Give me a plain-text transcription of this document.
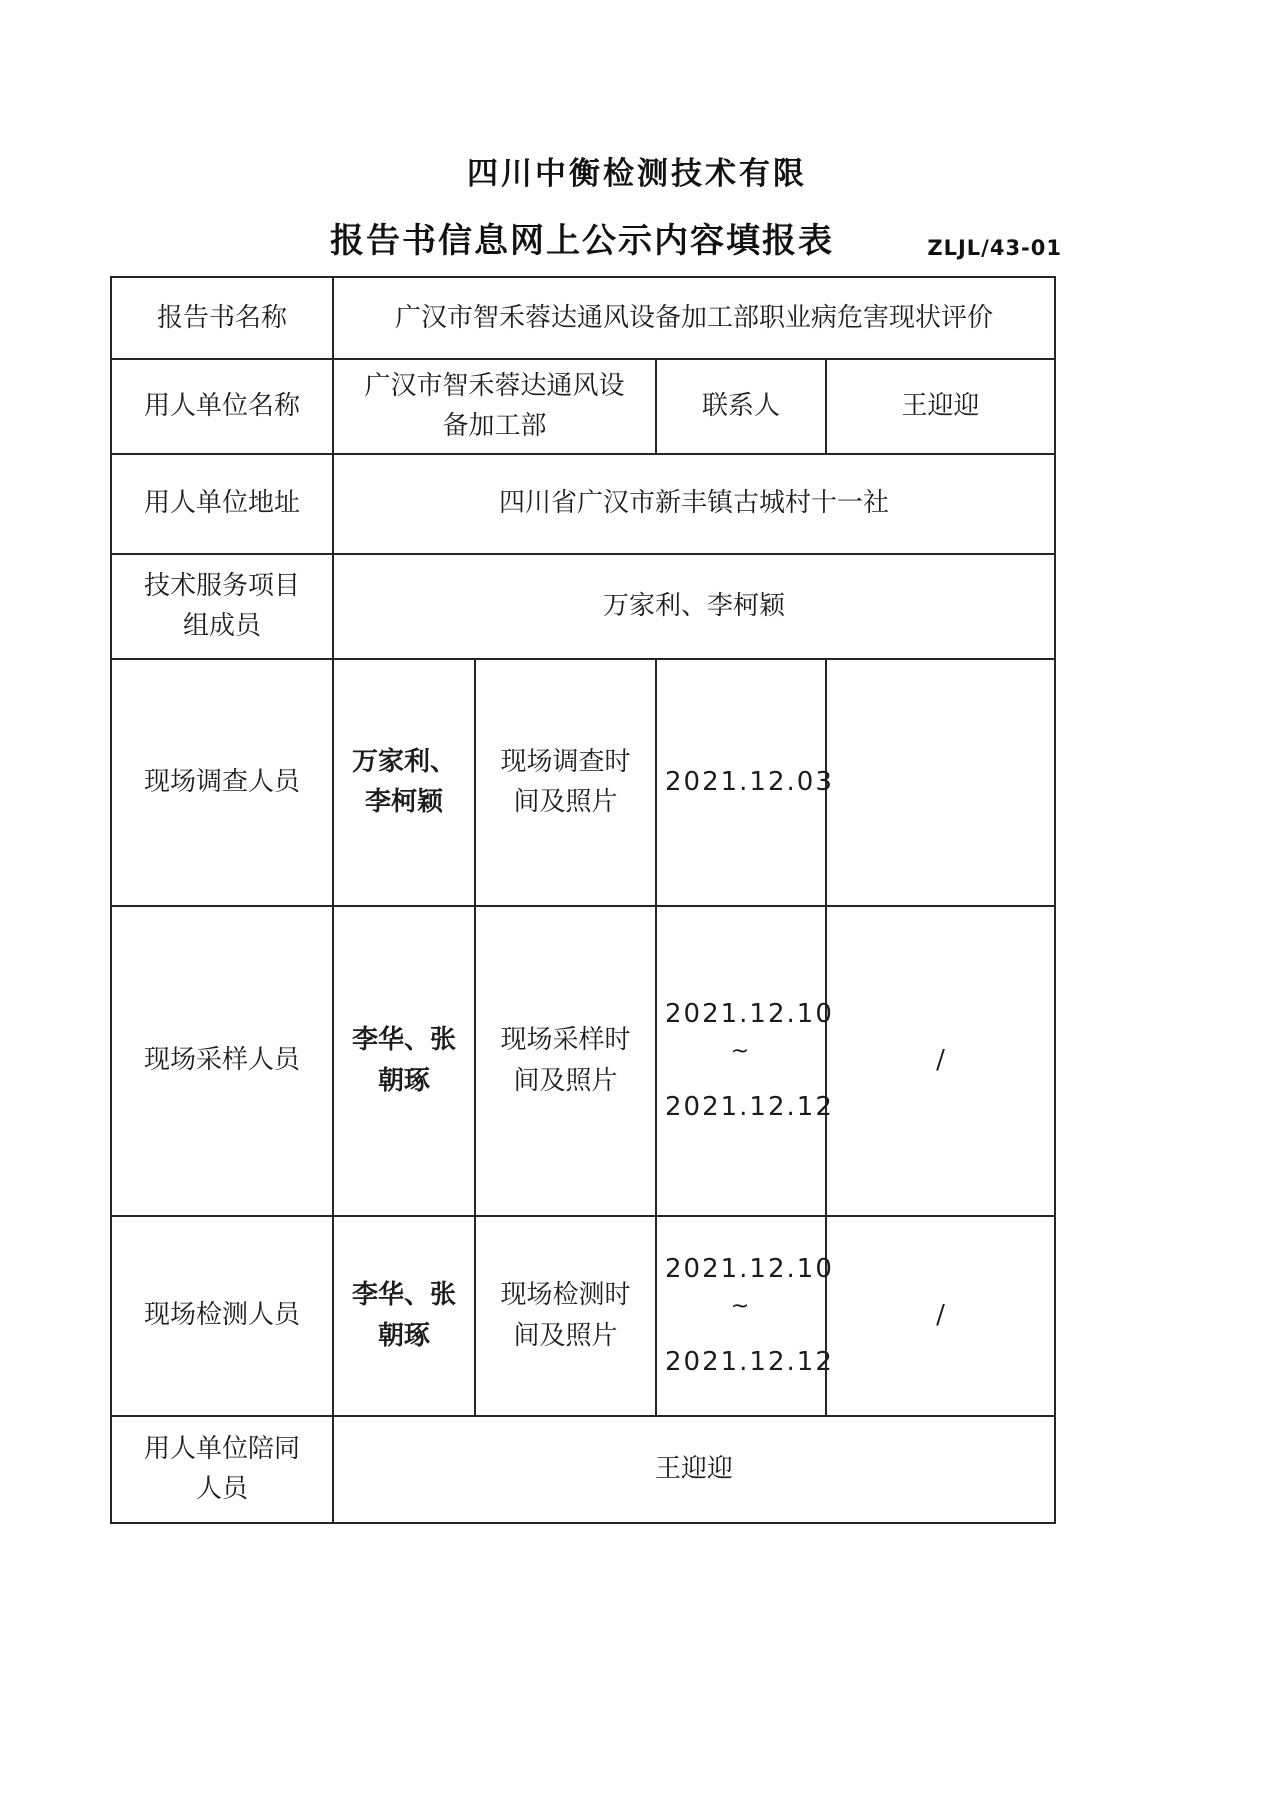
四川中衡检测技术有限
报告书信息网上公示内容填报表	ZLJL/43-01
报告书名称	广汉市智禾蓉达通风设备加工部职业病危害现状评价			
用人单位名称	广汉市智禾蓉达通风设备加工部		联系人	王迎迎
用人单位地址	四川省广汉市新丰镇古城村十一社			
技术服务项目组成员	万家利、李柯颖			
现场调查人员	万家利、李柯颖	现场调查时间及照片	2021.12.03	

现场采样人员	李华、张朝琢	现场采样时间及照片	2021.12.10
~
2021.12.12	/
现场检测人员	李华、张朝琢	现场检测时间及照片	2021.12.10
~
2021.12.12	/
用人单位陪同人员	王迎迎			
